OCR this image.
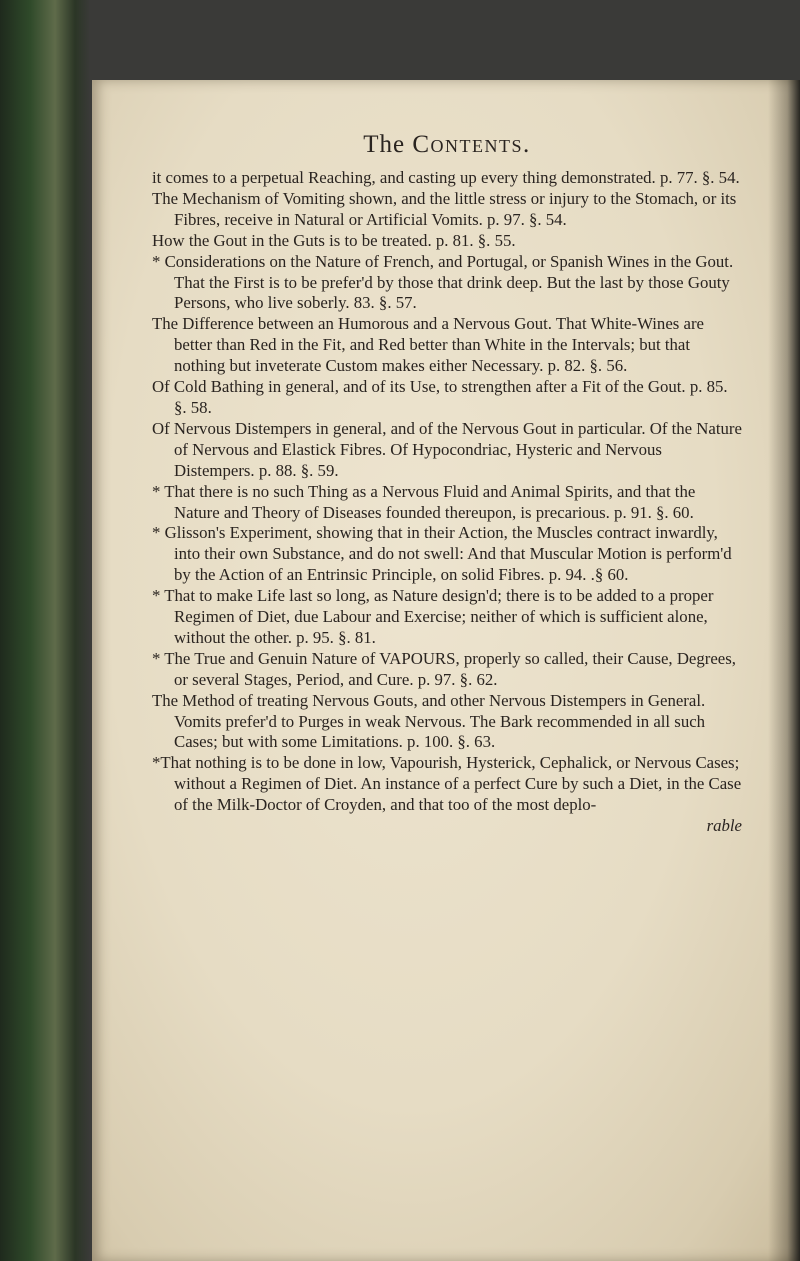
The Contents.

it comes to a perpetual Reaching, and casting up every thing demonstrated. p. 77. §. 54.

The Mechanism of Vomiting shown, and the little stress or injury to the Stomach, or its Fibres, receive in Natural or Artificial Vomits. p. 97. §. 54.

How the Gout in the Guts is to be treated. p. 81. §. 55.

* Considerations on the Nature of French, and Portugal, or Spanish Wines in the Gout. That the First is to be prefer'd by those that drink deep. But the last by those Gouty Persons, who live soberly. 83. §. 57.

The Difference between an Humorous and a Nervous Gout. That White-Wines are better than Red in the Fit, and Red better than White in the Intervals; but that nothing but inveterate Custom makes either Necessary. p. 82. §. 56.

Of Cold Bathing in general, and of its Use, to strengthen after a Fit of the Gout. p. 85. §. 58.

Of Nervous Distempers in general, and of the Nervous Gout in particular. Of the Nature of Nervous and Elastick Fibres. Of Hypocondriac, Hysteric and Nervous Distempers. p. 88. §. 59.

* That there is no such Thing as a Nervous Fluid and Animal Spirits, and that the Nature and Theory of Diseases founded thereupon, is precarious. p. 91. §. 60.

* Glisson's Experiment, showing that in their Action, the Muscles contract inwardly, into their own Substance, and do not swell: And that Muscular Motion is perform'd by the Action of an Entrinsic Principle, on solid Fibres. p. 94. .§ 60.

* That to make Life last so long, as Nature design'd; there is to be added to a proper Regimen of Diet, due Labour and Exercise; neither of which is sufficient alone, without the other. p. 95. §. 81.

* The True and Genuin Nature of VAPOURS, properly so called, their Cause, Degrees, or several Stages, Period, and Cure. p. 97. §. 62.

The Method of treating Nervous Gouts, and other Nervous Distempers in General. Vomits prefer'd to Purges in weak Nervous. The Bark recommended in all such Cases; but with some Limitations. p. 100. §. 63.

*That nothing is to be done in low, Vapourish, Hysterick, Cephalick, or Nervous Cases; without a Regimen of Diet. An instance of a perfect Cure by such a Diet, in the Case of the Milk-Doctor of Croyden, and that too of the most deplo-

rable
